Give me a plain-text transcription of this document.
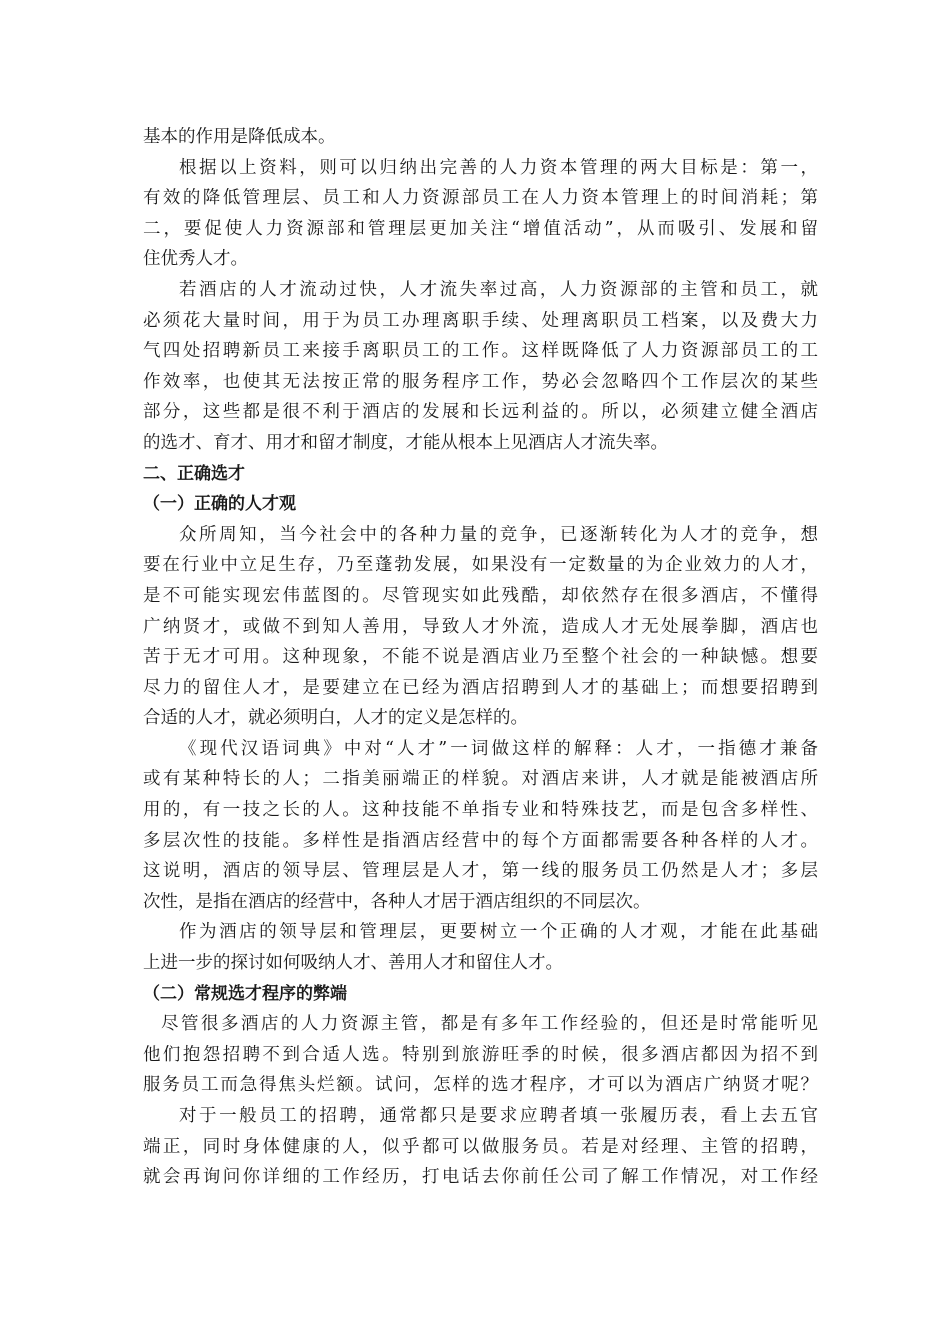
基本的作用是降低成本。
根据以上资料，则可以归纳出完善的人力资本管理的两大目标是：第一，
有效的降低管理层、员工和人力资源部员工在人力资本管理上的时间消耗；第
二，要促使人力资源部和管理层更加关注“增值活动”，从而吸引、发展和留
住优秀人才。
若酒店的人才流动过快，人才流失率过高，人力资源部的主管和员工，就
必须花大量时间，用于为员工办理离职手续、处理离职员工档案，以及费大力
气四处招聘新员工来接手离职员工的工作。这样既降低了人力资源部员工的工
作效率，也使其无法按正常的服务程序工作，势必会忽略四个工作层次的某些
部分，这些都是很不利于酒店的发展和长远利益的。所以，必须建立健全酒店
的选才、育才、用才和留才制度，才能从根本上见酒店人才流失率。
二、正确选才
（一）正确的人才观
众所周知，当今社会中的各种力量的竞争，已逐渐转化为人才的竞争，想
要在行业中立足生存，乃至蓬勃发展，如果没有一定数量的为企业效力的人才，
是不可能实现宏伟蓝图的。尽管现实如此残酷，却依然存在很多酒店，不懂得
广纳贤才，或做不到知人善用，导致人才外流，造成人才无处展拳脚，酒店也
苦于无才可用。这种现象，不能不说是酒店业乃至整个社会的一种缺憾。想要
尽力的留住人才，是要建立在已经为酒店招聘到人才的基础上；而想要招聘到
合适的人才，就必须明白，人才的定义是怎样的。
《现代汉语词典》中对“人才”一词做这样的解释：人才，一指德才兼备
或有某种特长的人；二指美丽端正的样貌。对酒店来讲，人才就是能被酒店所
用的，有一技之长的人。这种技能不单指专业和特殊技艺，而是包含多样性、
多层次性的技能。多样性是指酒店经营中的每个方面都需要各种各样的人才。
这说明，酒店的领导层、管理层是人才，第一线的服务员工仍然是人才；多层
次性，是指在酒店的经营中，各种人才居于酒店组织的不同层次。
作为酒店的领导层和管理层，更要树立一个正确的人才观，才能在此基础
上进一步的探讨如何吸纳人才、善用人才和留住人才。
（二）常规选才程序的弊端
尽管很多酒店的人力资源主管，都是有多年工作经验的，但还是时常能听见
他们抱怨招聘不到合适人选。特别到旅游旺季的时候，很多酒店都因为招不到
服务员工而急得焦头烂额。试问，怎样的选才程序，才可以为酒店广纳贤才呢？
对于一般员工的招聘，通常都只是要求应聘者填一张履历表，看上去五官
端正，同时身体健康的人，似乎都可以做服务员。若是对经理、主管的招聘，
就会再询问你详细的工作经历，打电话去你前任公司了解工作情况，对工作经
